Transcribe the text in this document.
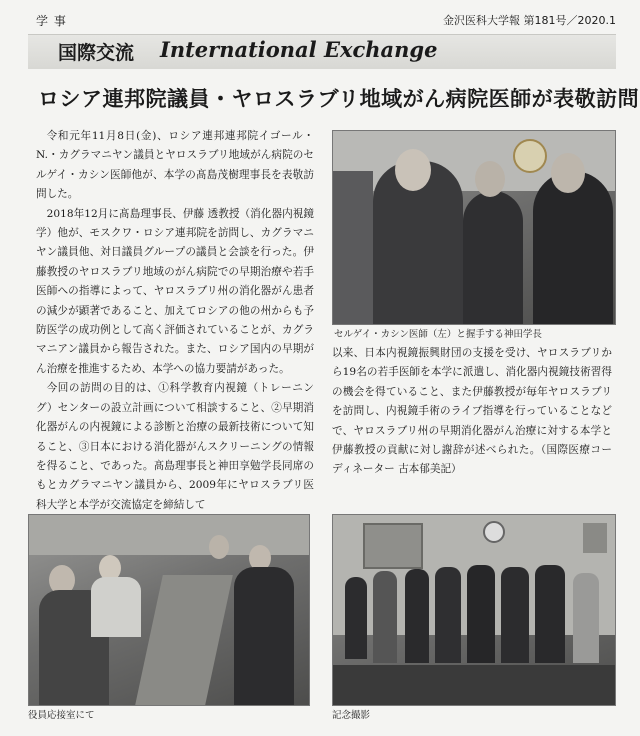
学 事	金沢医科大学報 第181号／2020.1
国際交流 International Exchange
ロシア連邦院議員・ヤロスラブリ地域がん病院医師が表敬訪問

令和元年11月8日(金)、ロシア連邦連邦院イゴール・N.・カグラマニヤン議員とヤロスラブリ地域がん病院のセルゲイ・カシン医師他が、本学の髙島茂樹理事長を表敬訪問した。

2018年12月に髙島理事長、伊藤 透教授（消化器内視鏡学）他が、モスクワ・ロシア連邦院を訪問し、カグラマニヤン議員他、対日議員グループの議員と会談を行った。伊藤教授のヤロスラブリ地域のがん病院での早期治療や若手医師への指導によって、ヤロスラブリ州の消化器がん患者の減少が顕著であること、加えてロシアの他の州からも予防医学の成功例として高く評価されていることが、カグラマニアン議員から報告された。また、ロシア国内の早期がん治療を推進するため、本学への協力要請があった。

今回の訪問の目的は、①科学教育内視鏡（トレーニング）センターの設立計画について相談すること、②早期消化器がんの内視鏡による診断と治療の最新技術について知ること、③日本における消化器がんスクリーニングの情報を得ること、であった。髙島理事長と神田享勉学長同席のもとカグラマニヤン議員から、2009年にヤロスラブリ医科大学と本学が交流協定を締結して

セルゲイ・カシン医師（左）と握手する神田学長

以来、日本内視鏡振興財団の支援を受け、ヤロスラブリから19名の若手医師を本学に派遣し、消化器内視鏡技術習得の機会を得ていること、また伊藤教授が毎年ヤロスラブリを訪問し、内視鏡手術のライブ指導を行っていることなどで、ヤロスラブリ州の早期消化器がん治療に対する本学と伊藤教授の貢献に対し謝辞が述べられた。（国際医療コーディネーター 古本郁美記）

役員応接室にて	記念撮影
